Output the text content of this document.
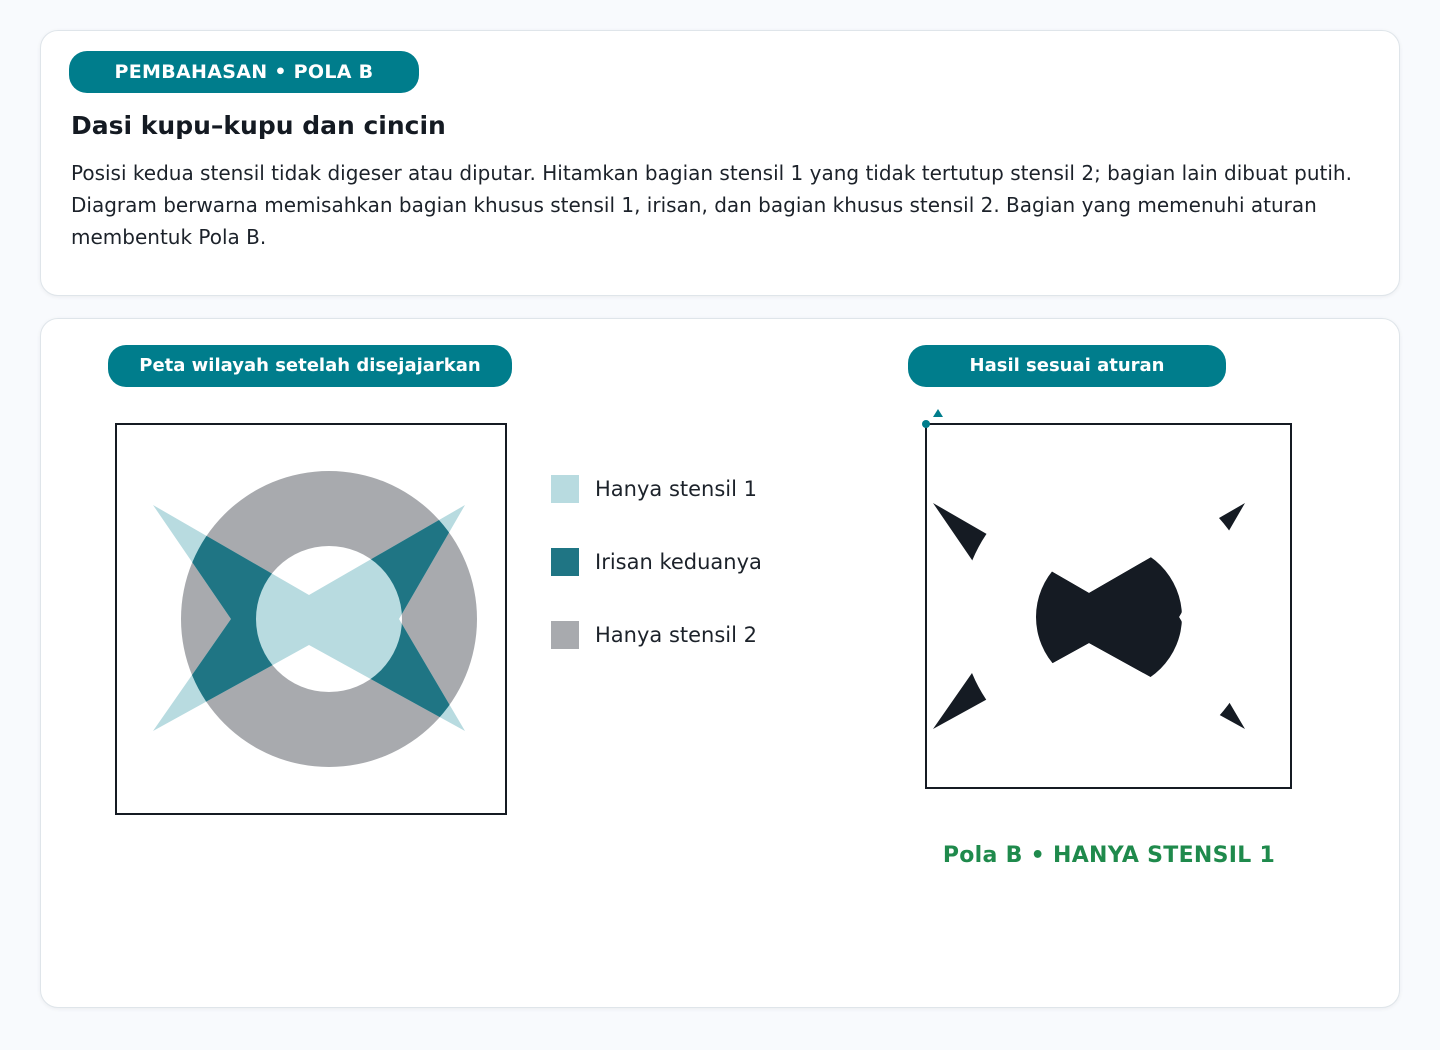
PEMBAHASAN • POLA B
Dasi kupu–kupu dan cincin

Posisi kedua stensil tidak digeser atau diputar. Hitamkan bagian stensil 1 yang tidak tertutup stensil 2; bagian lain dibuat putih. Diagram berwarna memisahkan bagian khusus stensil 1, irisan, dan bagian khusus stensil 2. Bagian yang memenuhi aturan membentuk Pola B.

Peta wilayah setelah disejajarkan	Hasil sesuai aturan
Hanya stensil 1
Irisan keduanya
Hanya stensil 2
Pola B • HANYA STENSIL 1
